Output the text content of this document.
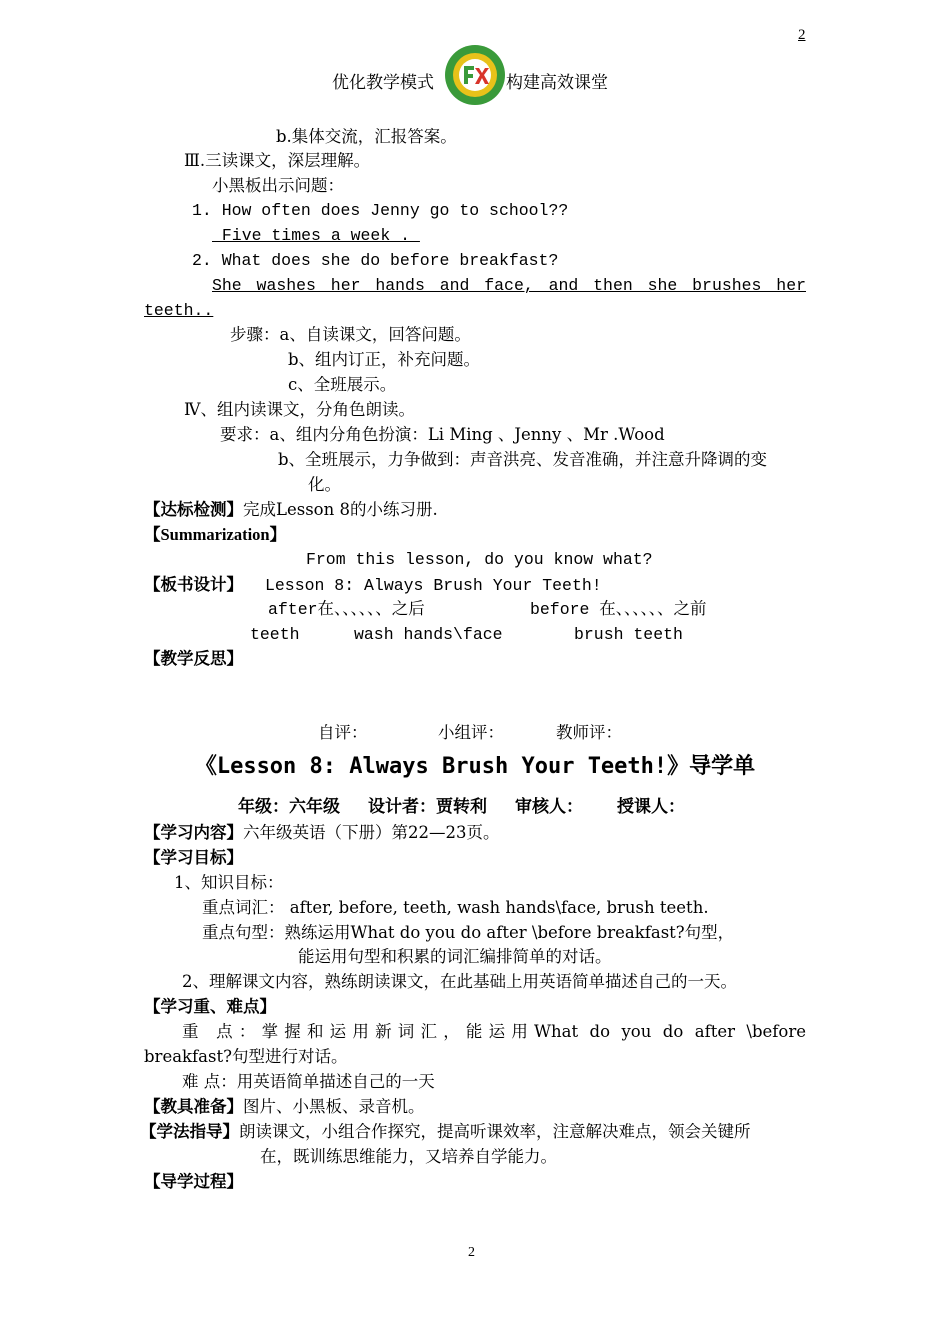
2
优化教学模式	构建高效课堂
b.集体交流，汇报答案。
Ⅲ.三读课文，深层理解。
小黑板出示问题：
1. How often does Jenny go to school??
Five times a week .
2. What does she do before breakfast?
She washes her hands and face, and then she brushes her
teeth..
步骤：a、自读课文，回答问题。
b、组内订正，补充问题。
c、全班展示。
Ⅳ、组内读课文，分角色朗读。
要求：a、组内分角色扮演：Li Ming 、Jenny 、Mr .Wood
b、全班展示，力争做到：声音洪亮、发音准确，并注意升降调的变
化。
【达标检测】完成Lesson 8的小练习册.
【Summarization】
From this lesson, do you know what?
【板书设计】 Lesson 8: Always Brush Your Teeth!
after在、、、、、、之后	before 在、、、、、、之前
teeth	wash hands\face	brush teeth
【教学反思】
自评：	小组评：	教师评：
《Lesson 8: Always Brush Your Teeth!》导学单
年级：六年级 设计者：贾转利 审核人： 授课人：
【学习内容】六年级英语（下册）第22—23页。
【学习目标】
1、知识目标：
重点词汇： after, before, teeth, wash hands\face, brush teeth.
重点句型：熟练运用What do you do after \before breakfast?句型，
能运用句型和积累的词汇编排简单的对话。
2、理解课文内容，熟练朗读课文，在此基础上用英语简单描述自己的一天。
【学习重、难点】
重 点：掌握和运用新词汇，能运用What do you do after \before
breakfast?句型进行对话。
难 点：用英语简单描述自己的一天
【教具准备】图片、小黑板、录音机。
【学法指导】朗读课文，小组合作探究，提高听课效率，注意解决难点，领会关键所
在，既训练思维能力，又培养自学能力。
【导学过程】
2
